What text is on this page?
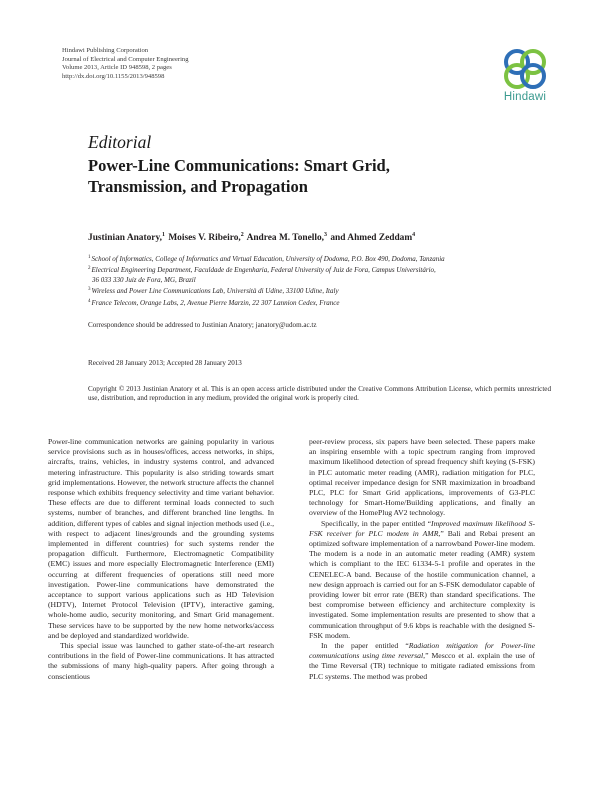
Hindawi Publishing Corporation
Journal of Electrical and Computer Engineering
Volume 2013, Article ID 948598, 2 pages
http://dx.doi.org/10.1155/2013/948598
Hindawi
Editorial
Power-Line Communications: Smart Grid,
Transmission, and Propagation
Justinian Anatory,$^1$ Moises V. Ribeiro,$^2$ Andrea M. Tonello,$^3$ and Ahmed Zeddam$^4$
$^1$School of Informatics, College of Informatics and Virtual Education, University of Dodoma, P.O. Box 490, Dodoma, Tanzania
$^2$Electrical Engineering Department, Faculdade de Engenharia, Federal University of Juiz de Fora, Campus Universitário,
36 033 330 Juiz de Fora, MG, Brazil
$^3$Wireless and Power Line Communications Lab, Università di Udine, 33100 Udine, Italy
$^4$France Telecom, Orange Labs, 2, Avenue Pierre Marzin, 22 307 Lannion Cedex, France
Correspondence should be addressed to Justinian Anatory; janatory@udom.ac.tz
Received 28 January 2013; Accepted 28 January 2013
Copyright © 2013 Justinian Anatory et al. This is an open access article distributed under the Creative Commons Attribution License, which permits unrestricted use, distribution, and reproduction in any medium, provided the original work is properly cited.

Power-line communication networks are gaining popularity in various service provisions such as in houses/offices, access networks, in ships, aircrafts, trains, vehicles, in industry systems control, and advanced metering infrastructure. This popularity is also striding towards smart grid implementations. However, the network structure affects the channel response which exhibits frequency selectivity and time variant behavior. These effects are due to different terminal loads connected to such systems, number of branches, and different branched line lengths. In addition, different types of cables and signal injection methods used (i.e., with respect to adjacent lines/grounds and the grounding systems implemented in different countries) for such systems render the propagation difficult. Furthermore, Electromagnetic Compatibility (EMC) issues and more especially Electromagnetic Interference (EMI) occurring at different frequencies of operations still need more investigation. Power-line communications have demonstrated the acceptance to support various applications such as HD Television (HDTV), Internet Protocol Television (IPTV), interactive gaming, whole-home audio, security monitoring, and Smart Grid management. These services have to be supported by the new home networks/access and be deployed and standardized worldwide.

This special issue was launched to gather state-of-the-art research contributions in the field of Power-line communications. It has attracted the submissions of many high-quality papers. After going through a conscientious

peer-review process, six papers have been selected. These papers make an inspiring ensemble with a topic spectrum ranging from improved maximum likelihood detection of spread frequency shift keying (S-FSK) in PLC automatic meter reading (AMR), radiation mitigation for PLC, optimal receiver impedance design for SNR maximization in broadband PLC, PLC for Smart Grid applications, improvements of G3-PLC technology for Smart-Home/Building applications, and finally an overview of the HomePlug AV2 technology.

Specifically, in the paper entitled “Improved maximum likelihood S-FSK receiver for PLC modem in AMR,” Bali and Rebai present an optimized software implementation of a narrowband Power-line modem. The modem is a node in an automatic meter reading (AMR) system which is compliant to the IEC 61334-5-1 profile and operates in the CENELEC-A band. Because of the hostile communication channel, a new design approach is carried out for an S-FSK demodulator capable of providing lower bit error rate (BER) than standard specifications. The best compromise between efficiency and architecture complexity is investigated. Some implementation results are presented to show that a communication throughput of 9.6 kbps is reachable with the designed S-FSK modem.

In the paper entitled “Radiation mitigation for Power-line communications using time reversal,” Mescco et al. explain the use of the Time Reversal (TR) technique to mitigate radiated emissions from PLC systems. The method was probed
